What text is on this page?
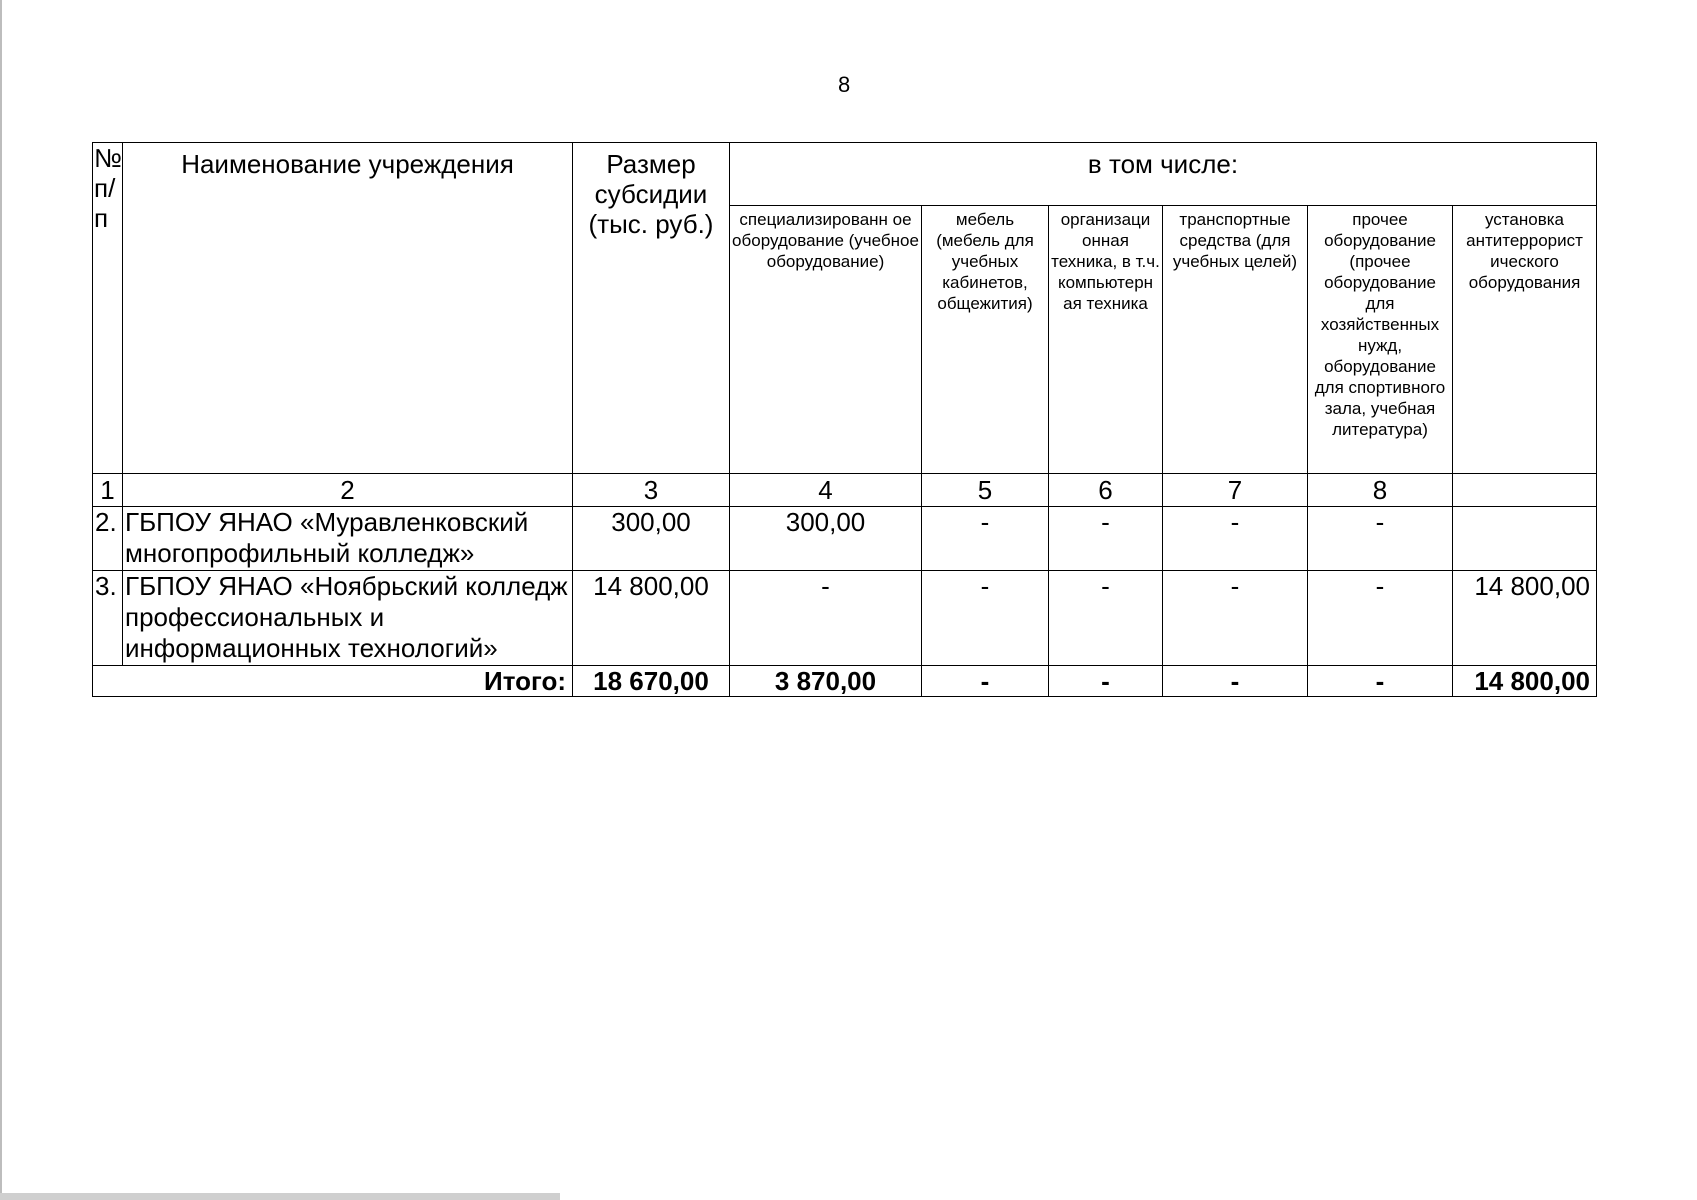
8
№ п/ п	Наименование учреждения	Размер субсидии (тыс. руб.)	в том числе:					
			специализированн ое оборудование (учебное оборудование)	мебель (мебель для учебных кабинетов, общежития)	организаци онная техника, в т.ч. компьютерн ая техника	транспортные средства (для учебных целей)	прочее оборудование (прочее оборудование для хозяйственных нужд, оборудование для спортивного зала, учебная литература)	установка антитеррорист ического оборудования
1	2	3	4	5	6	7	8	
2.	ГБПОУ ЯНАО «Муравленковский многопрофильный колледж»	300,00	300,00	-	-	-	-	
3.	ГБПОУ ЯНАО «Ноябрьский колледж профессиональных и информационных технологий»	14 800,00	-	-	-	-	-	14 800,00
Итого:		18 670,00	3 870,00	-	-	-	-	14 800,00
